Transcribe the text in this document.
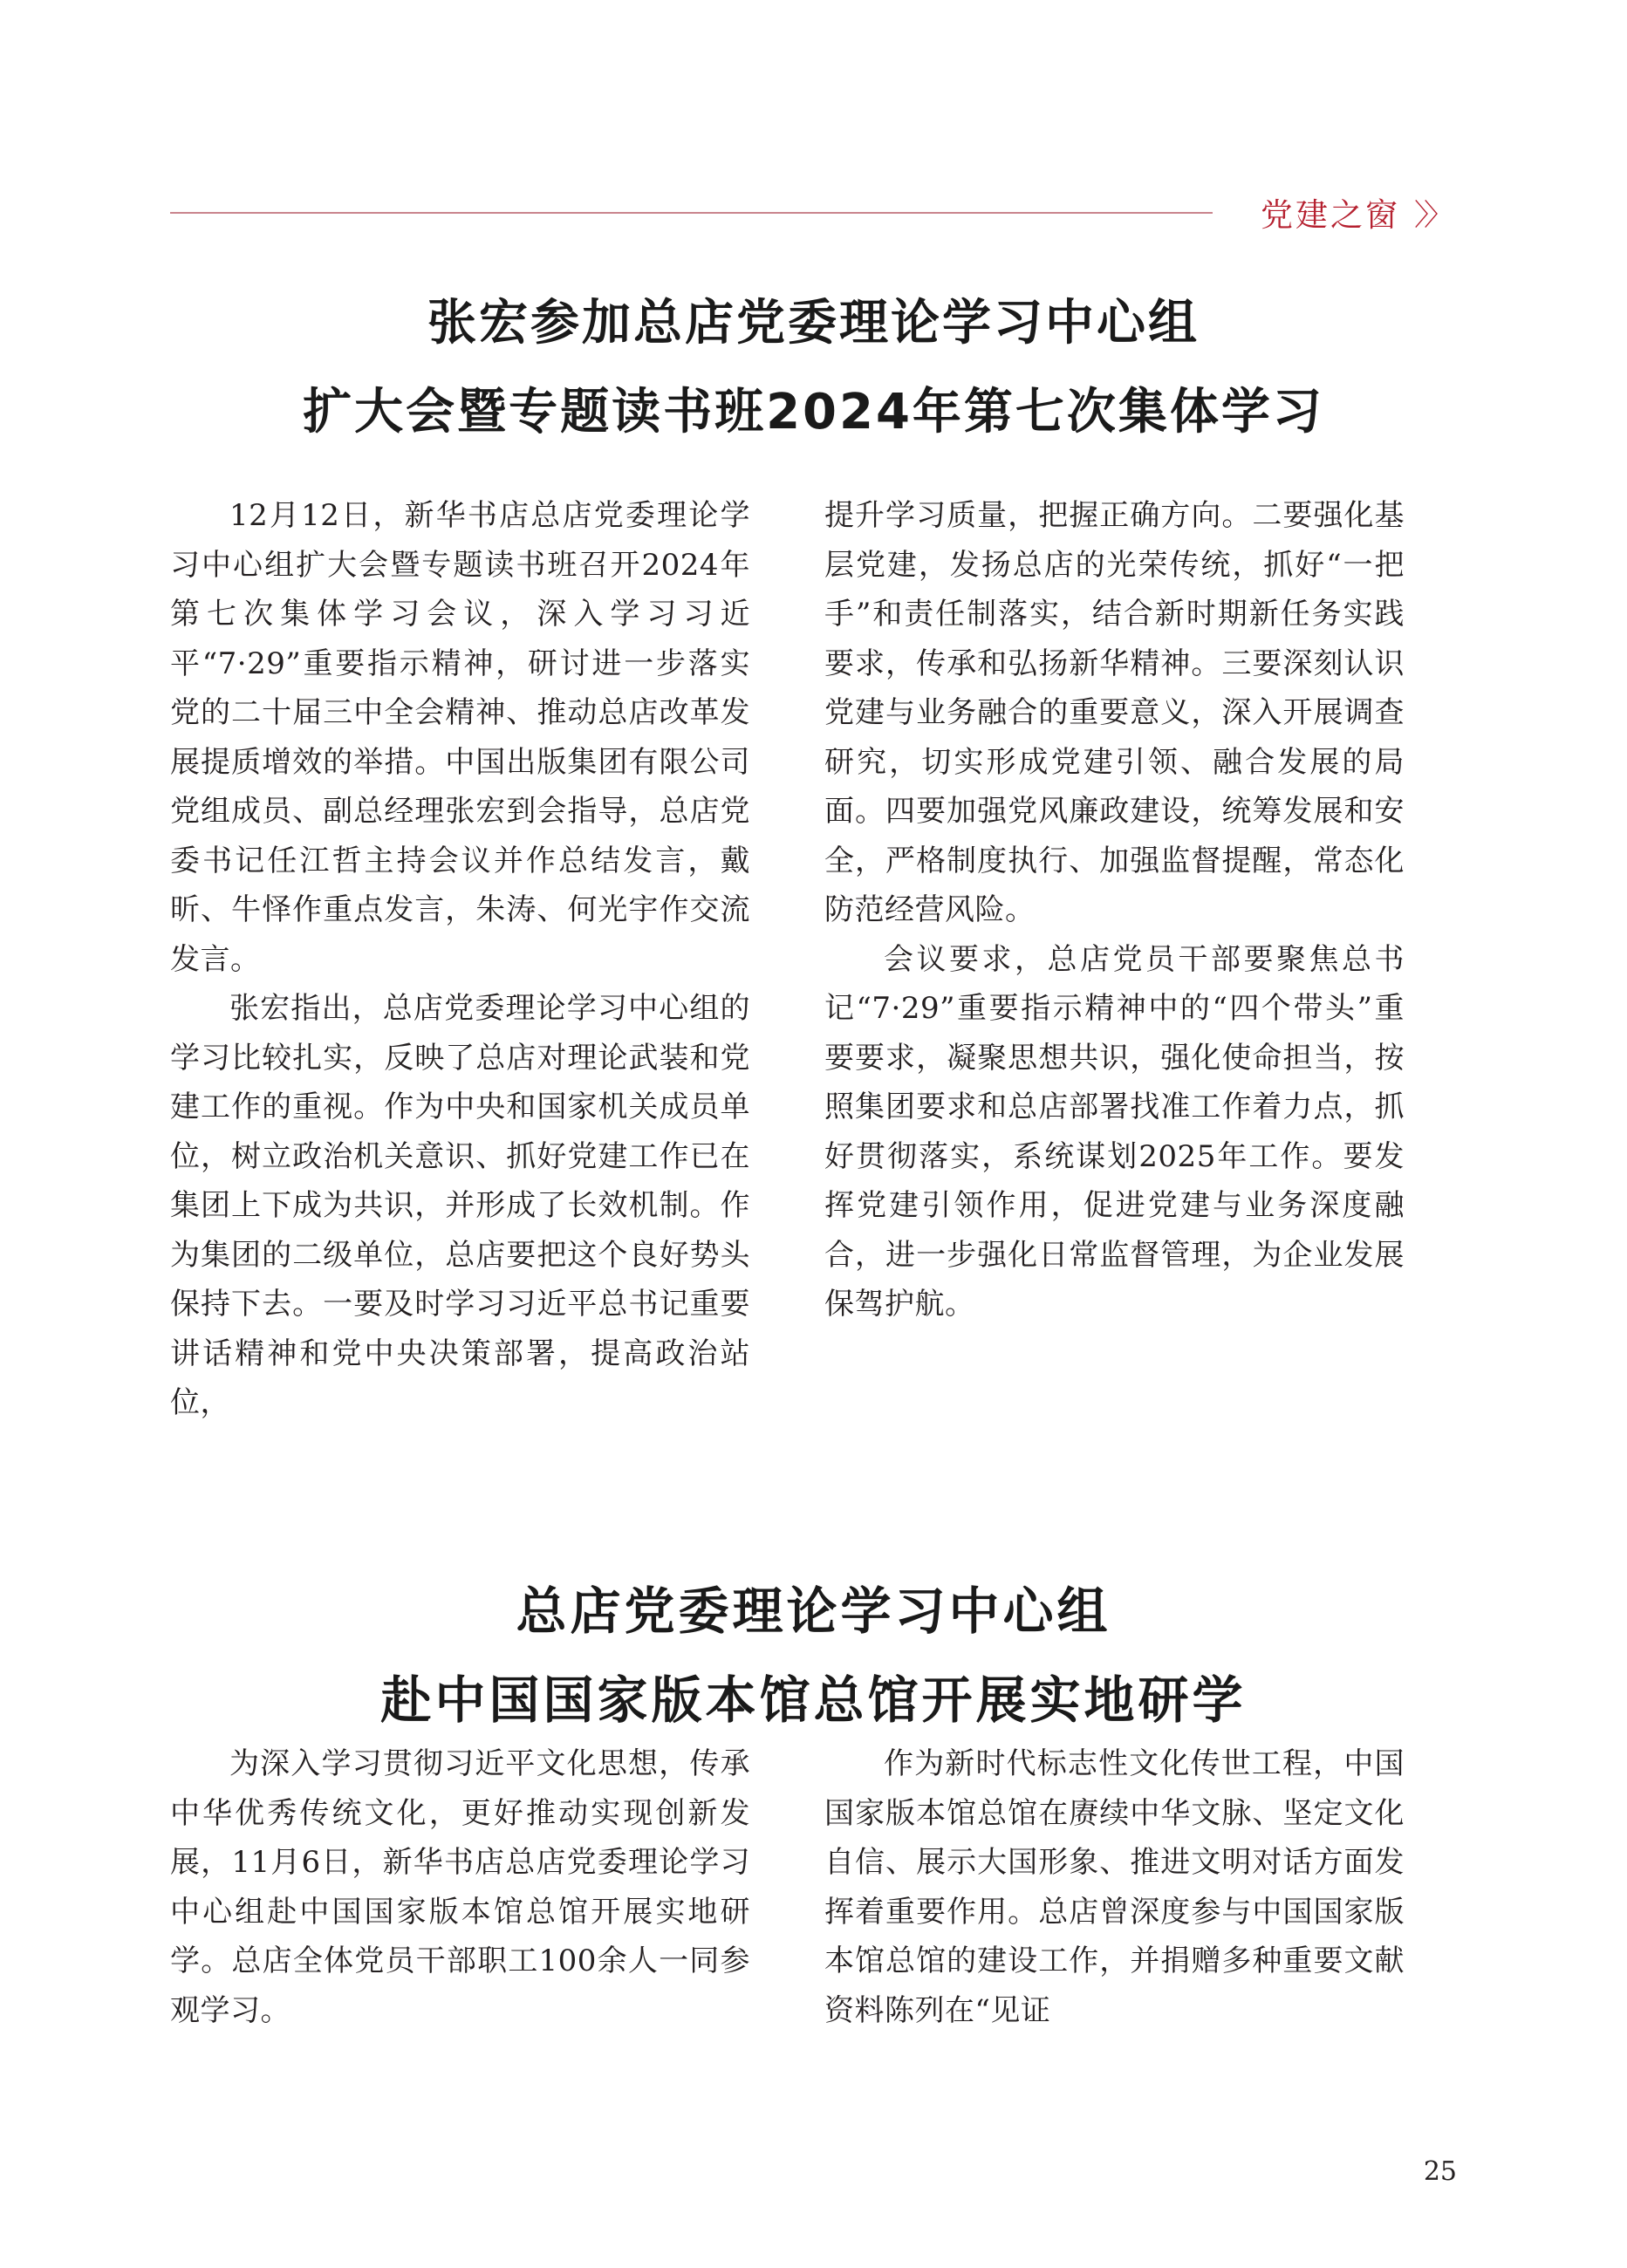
党建之窗 〉〉
张宏参加总店党委理论学习中心组
扩大会暨专题读书班2024年第七次集体学习

12月12日，新华书店总店党委理论学习中心组扩大会暨专题读书班召开2024年第七次集体学习会议，深入学习习近平“7·29”重要指示精神，研讨进一步落实党的二十届三中全会精神、推动总店改革发展提质增效的举措。中国出版集团有限公司党组成员、副总经理张宏到会指导，总店党委书记任江哲主持会议并作总结发言，戴昕、牛怿作重点发言，朱涛、何光宇作交流发言。

张宏指出，总店党委理论学习中心组的学习比较扎实，反映了总店对理论武装和党建工作的重视。作为中央和国家机关成员单位，树立政治机关意识、抓好党建工作已在集团上下成为共识，并形成了长效机制。作为集团的二级单位，总店要把这个良好势头保持下去。一要及时学习习近平总书记重要讲话精神和党中央决策部署，提高政治站位，

提升学习质量，把握正确方向。二要强化基层党建，发扬总店的光荣传统，抓好“一把手”和责任制落实，结合新时期新任务实践要求，传承和弘扬新华精神。三要深刻认识党建与业务融合的重要意义，深入开展调查研究，切实形成党建引领、融合发展的局面。四要加强党风廉政建设，统筹发展和安全，严格制度执行、加强监督提醒，常态化防范经营风险。

会议要求，总店党员干部要聚焦总书记“7·29”重要指示精神中的“四个带头”重要要求，凝聚思想共识，强化使命担当，按照集团要求和总店部署找准工作着力点，抓好贯彻落实，系统谋划2025年工作。要发挥党建引领作用，促进党建与业务深度融合，进一步强化日常监督管理，为企业发展保驾护航。

总店党委理论学习中心组
赴中国国家版本馆总馆开展实地研学

为深入学习贯彻习近平文化思想，传承中华优秀传统文化，更好推动实现创新发展，11月6日，新华书店总店党委理论学习中心组赴中国国家版本馆总馆开展实地研学。总店全体党员干部职工100余人一同参观学习。

作为新时代标志性文化传世工程，中国国家版本馆总馆在赓续中华文脉、坚定文化自信、展示大国形象、推进文明对话方面发挥着重要作用。总店曾深度参与中国国家版本馆总馆的建设工作，并捐赠多种重要文献资料陈列在“见证

25
